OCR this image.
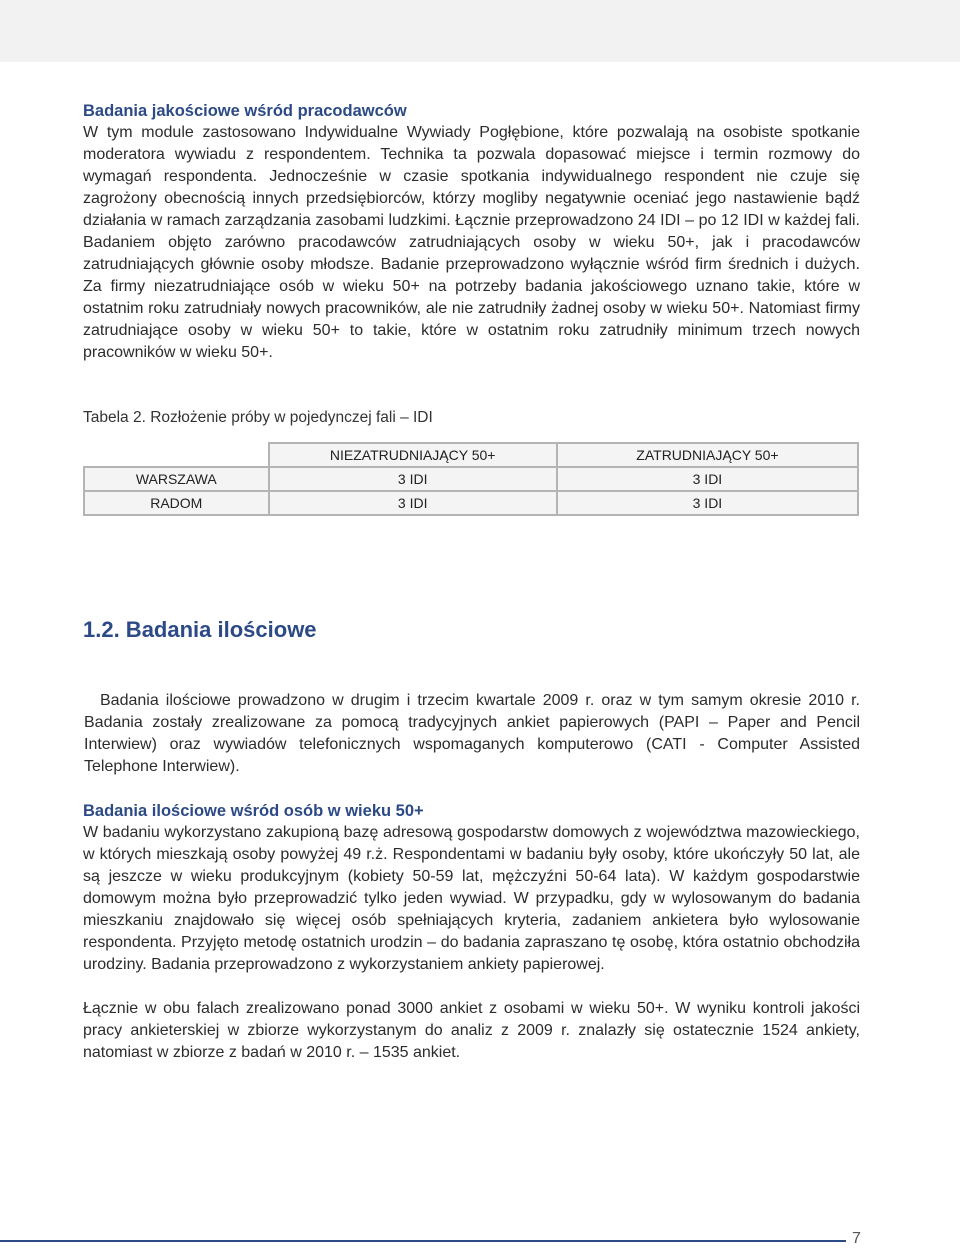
Badania jakościowe wśród pracodawców

W tym module zastosowano Indywidualne Wywiady Pogłębione, które pozwalają na osobiste spotkanie moderatora wywiadu z respondentem. Technika ta pozwala dopasować miejsce i termin rozmowy do wymagań respondenta. Jednocześnie w czasie spotkania indywidualnego respondent nie czuje się zagrożony obecnością innych przedsiębiorców, którzy mogliby negatywnie oceniać jego nastawienie bądź działania w ramach zarządzania zasobami ludzkimi. Łącznie przeprowadzono 24 IDI – po 12 IDI w każdej fali. Badaniem objęto zarówno pracodawców zatrudniających osoby w wieku 50+, jak i pracodawców zatrudniających głównie osoby młodsze. Badanie przeprowadzono wyłącznie wśród firm średnich i dużych. Za firmy niezatrudniające osób w wieku 50+ na potrzeby badania jakościowego uznano takie, które w ostatnim roku zatrudniały nowych pracowników, ale nie zatrudniły żadnej osoby w wieku 50+. Natomiast firmy zatrudniające osoby w wieku 50+ to takie, które w ostatnim roku zatrudniły minimum trzech nowych pracowników w wieku 50+.

Tabela 2. Rozłożenie próby w pojedynczej fali – IDI
	NIEZATRUDNIAJĄCY 50+	ZATRUDNIAJĄCY 50+
WARSZAWA	3 IDI	3 IDI
RADOM	3 IDI	3 IDI
1.2. Badania ilościowe

Badania ilościowe prowadzono w drugim i trzecim kwartale 2009 r. oraz w tym samym okresie 2010 r. Badania zostały zrealizowane za pomocą tradycyjnych ankiet papierowych (PAPI – Paper and Pencil Interwiew) oraz wywiadów telefonicznych wspomaganych komputerowo (CATI - Computer Assisted Telephone Interwiew).

Badania ilościowe wśród osób w wieku 50+

W badaniu wykorzystano zakupioną bazę adresową gospodarstw domowych z województwa mazowieckiego, w których mieszkają osoby powyżej 49 r.ż. Respondentami w badaniu były osoby, które ukończyły 50 lat, ale są jeszcze w wieku produkcyjnym (kobiety 50-59 lat, mężczyźni 50-64 lata). W każdym gospodarstwie domowym można było przeprowadzić tylko jeden wywiad. W przypadku, gdy w wylosowanym do badania mieszkaniu znajdowało się więcej osób spełniających kryteria, zadaniem ankietera było wylosowanie respondenta. Przyjęto metodę ostatnich urodzin – do badania zapraszano tę osobę, która ostatnio obchodziła urodziny. Badania przeprowadzono z wykorzystaniem ankiety papierowej.

Łącznie w obu falach zrealizowano ponad 3000 ankiet z osobami w wieku 50+. W wyniku kontroli jakości pracy ankieterskiej w zbiorze wykorzystanym do analiz z 2009 r. znalazły się ostatecznie 1524 ankiety, natomiast w zbiorze z badań w 2010 r. – 1535 ankiet.

7
